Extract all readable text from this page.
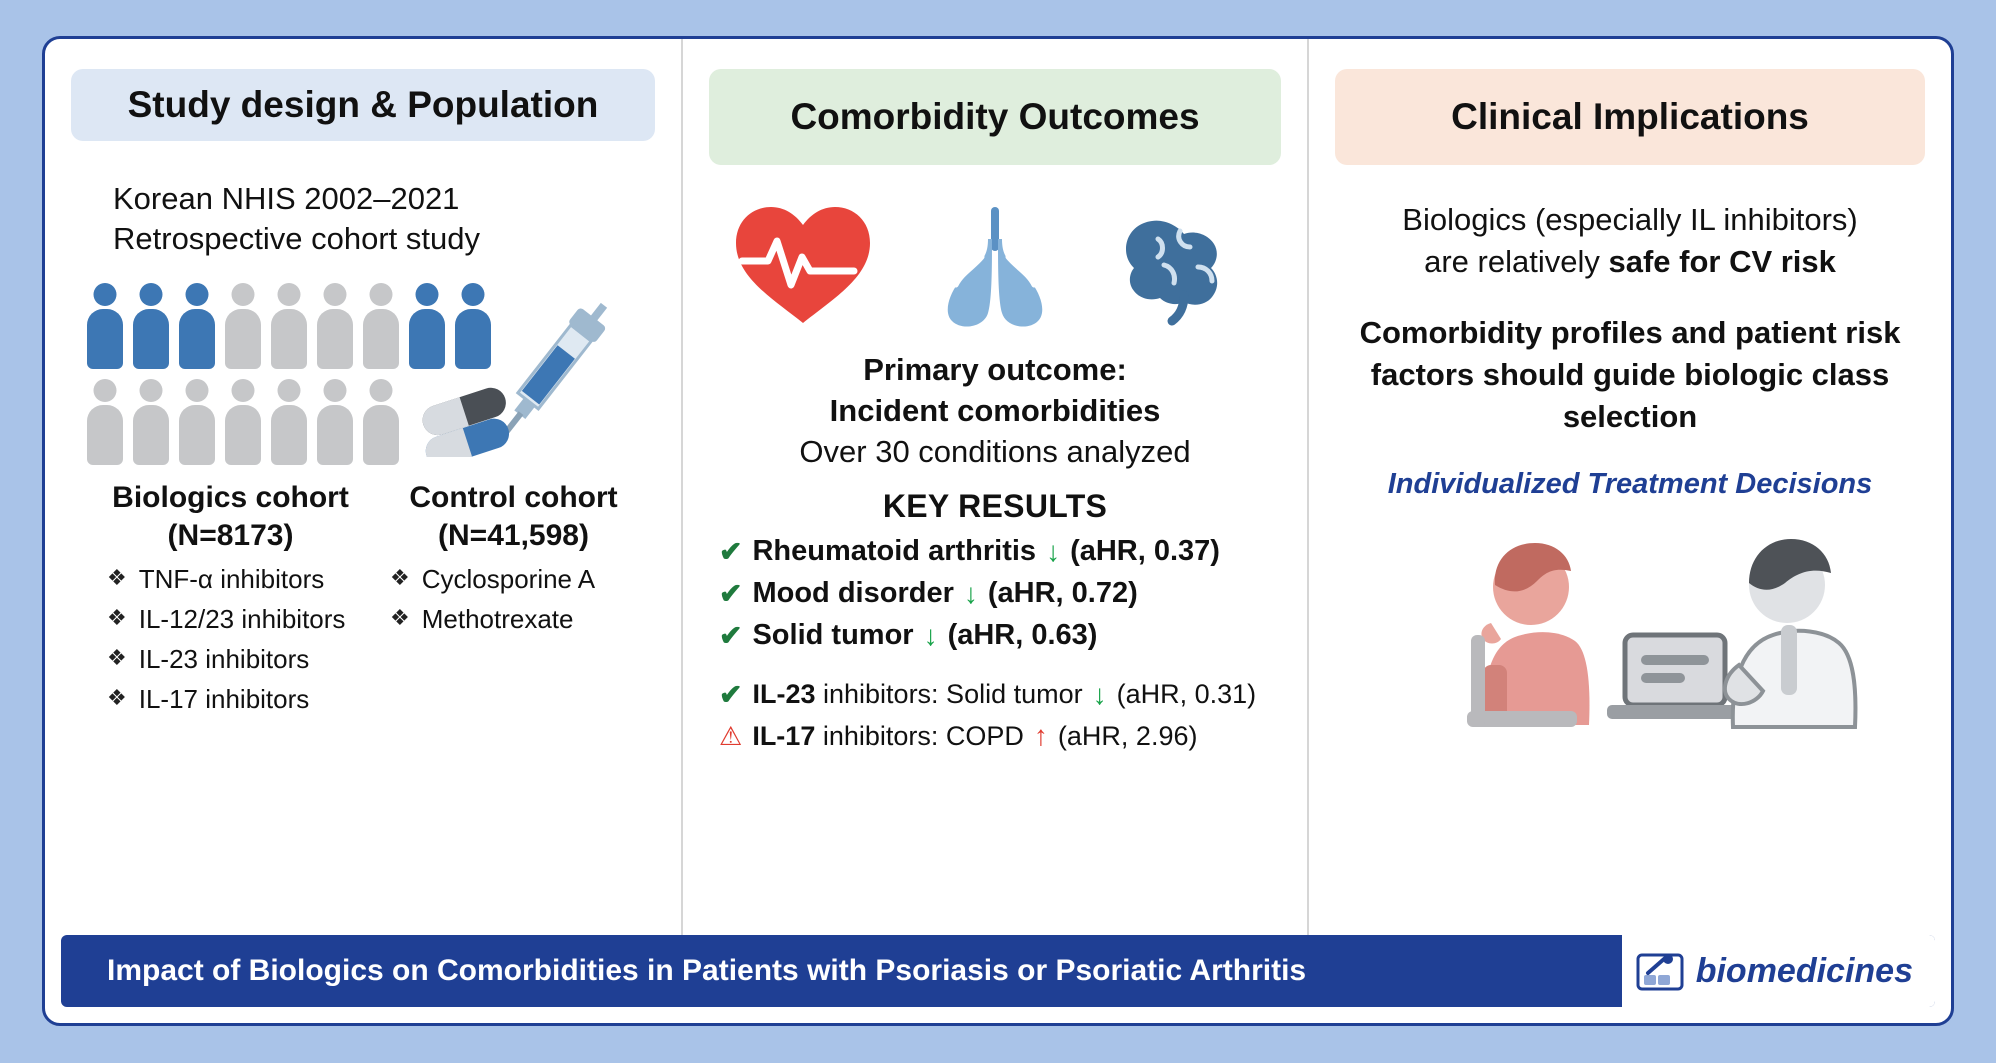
Study design & Population
Korean NHIS 2002–2021
Retrospective cohort study
Biologics cohort
(N=8173)
❖ TNF-α inhibitors
❖ IL-12/23 inhibitors
❖ IL-23 inhibitors
❖ IL-17 inhibitors
Control cohort
(N=41,598)
❖ Cyclosporine A
❖ Methotrexate
Comorbidity Outcomes
Primary outcome:
Incident comorbidities
Over 30 conditions analyzed
KEY RESULTS
✔ Rheumatoid arthritis ↓ (aHR, 0.37)
✔ Mood disorder ↓ (aHR, 0.72)
✔ Solid tumor ↓ (aHR, 0.63)
✔ IL-23 inhibitors: Solid tumor ↓ (aHR, 0.31)
⚠ IL-17 inhibitors: COPD ↑ (aHR, 2.96)
Clinical Implications
Biologics (especially IL inhibitors)
are relatively safe for CV risk
Comorbidity profiles and patient risk factors should guide biologic class selection
Individualized Treatment Decisions
Impact of Biologics on Comorbidities in Patients with Psoriasis or Psoriatic Arthritis	biomedicines
